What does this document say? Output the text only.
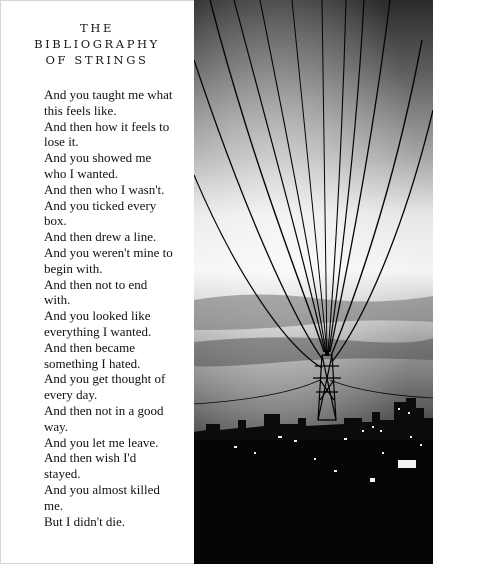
THE
BIBLIOGRAPHY
OF STRINGS
And you taught me what
this feels like.
And then how it feels to
lose it.
And you showed me
who I wanted.
And then who I wasn't.
And you ticked every
box.
And then drew a line.
And you weren't mine to
begin with.
And then not to end
with.
And you looked like
everything I wanted.
And then became
something I hated.
And you get thought of
every day.
And then not in a good
way.
And you let me leave.
And then wish I'd
stayed.
And you almost killed
me.
But I didn't die.
